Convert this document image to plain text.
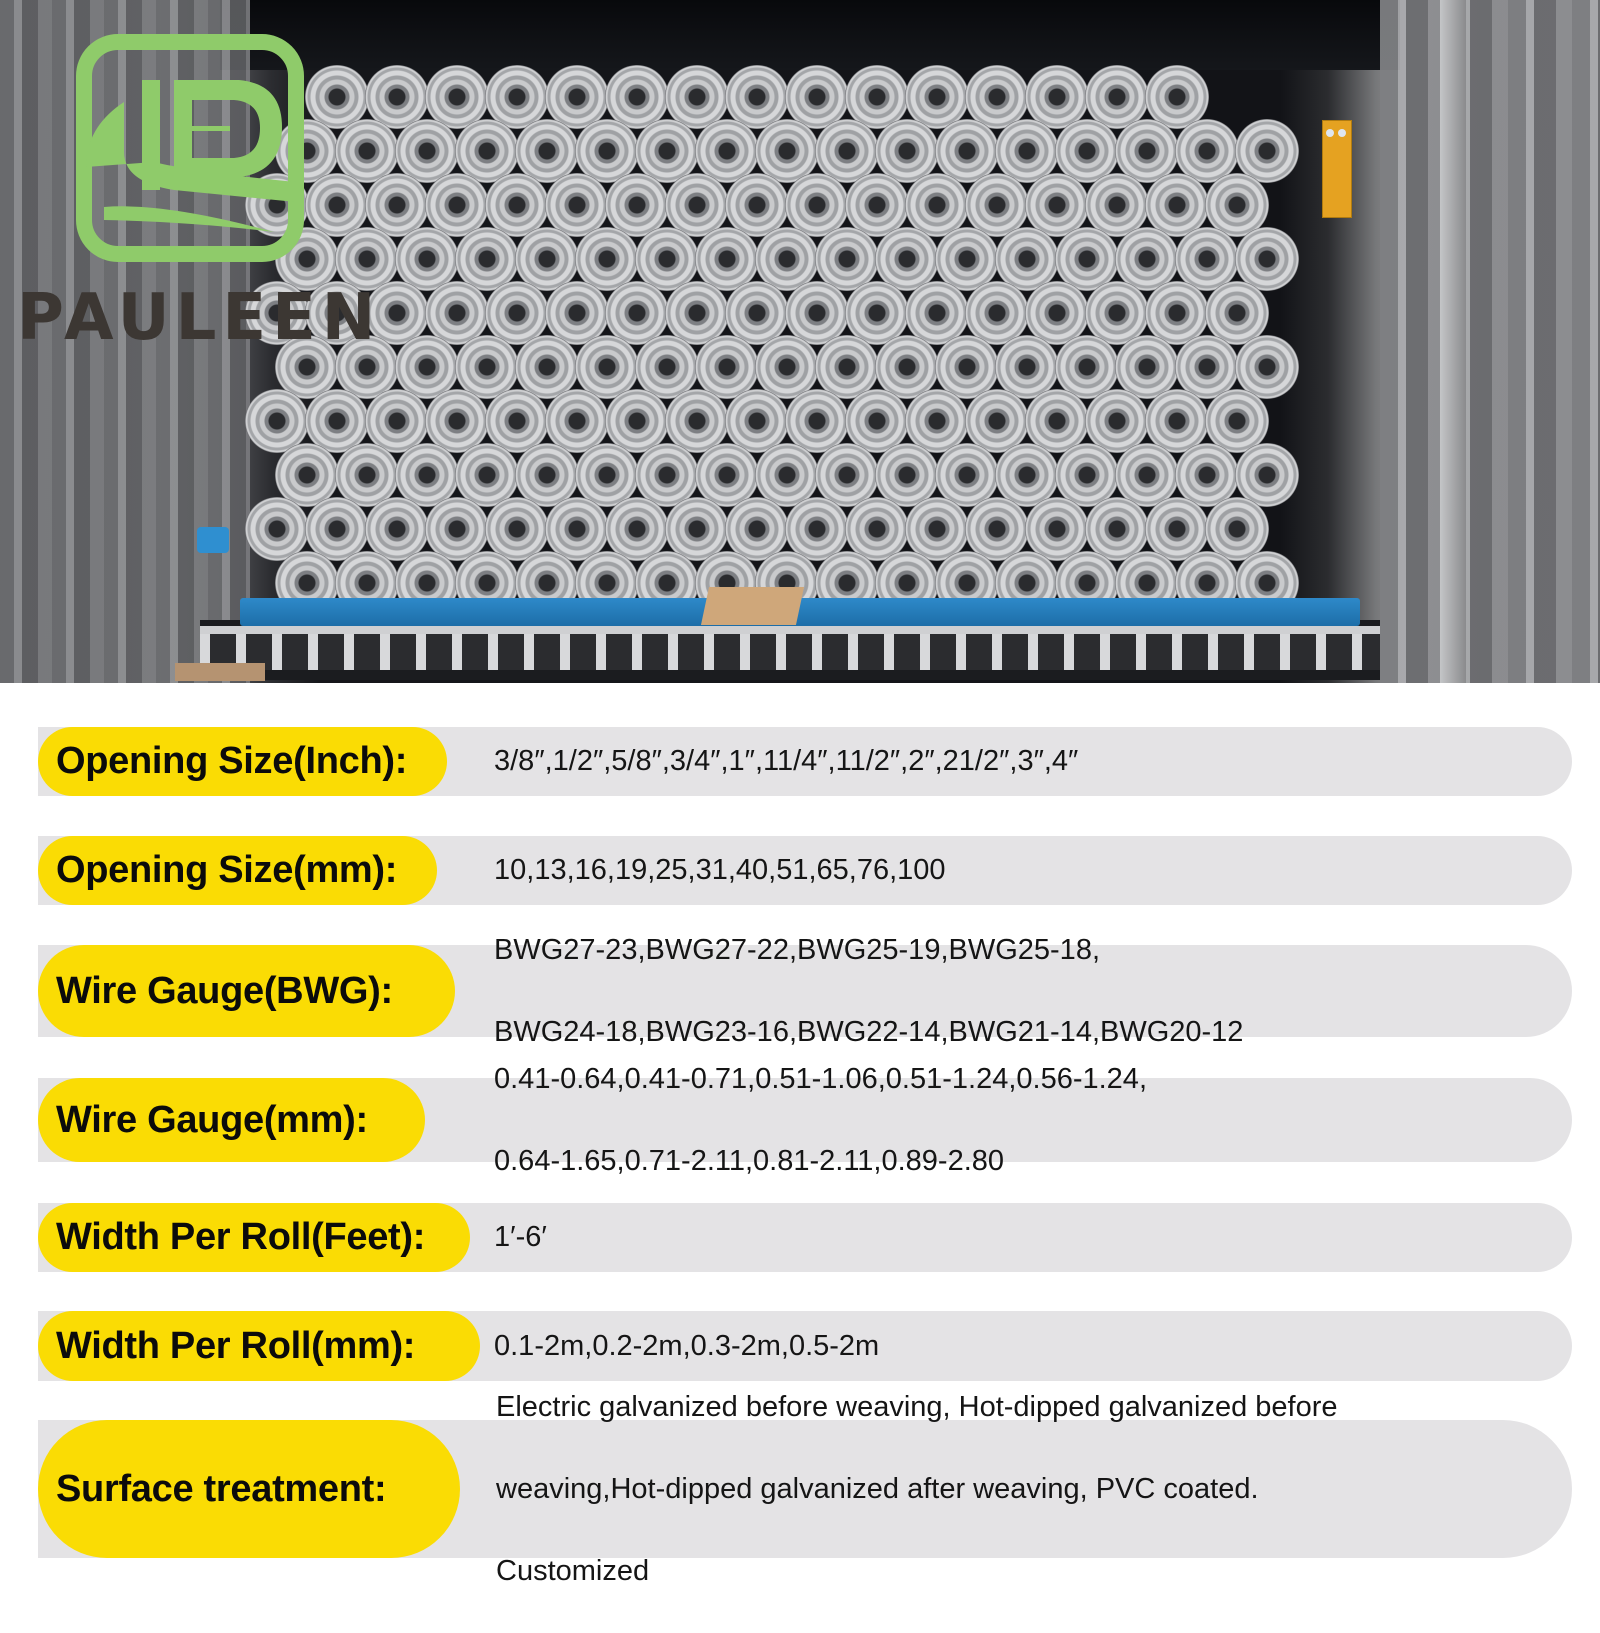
PAULEEN
Opening Size(Inch):	3/8″,1/2″,5/8″,3/4″,1″,11/4″,11/2″,2″,21/2″,3″,4″
Opening Size(mm):	10,13,16,19,25,31,40,51,65,76,100
Wire Gauge(BWG):

BWG27-23,BWG27-22,BWG25-19,BWG25-18,

BWG24-18,BWG23-16,BWG22-14,BWG21-14,BWG20-12

Wire Gauge(mm):

0.41-0.64,0.41-0.71,0.51-1.06,0.51-1.24,0.56-1.24,

0.64-1.65,0.71-2.11,0.81-2.11,0.89-2.80

Width Per Roll(Feet): 1′-6′
Width Per Roll(mm):	0.1-2m,0.2-2m,0.3-2m,0.5-2m
Surface treatment:

Electric galvanized before weaving, Hot-dipped galvanized before

weaving,Hot-dipped galvanized after weaving, PVC coated.

Customized
